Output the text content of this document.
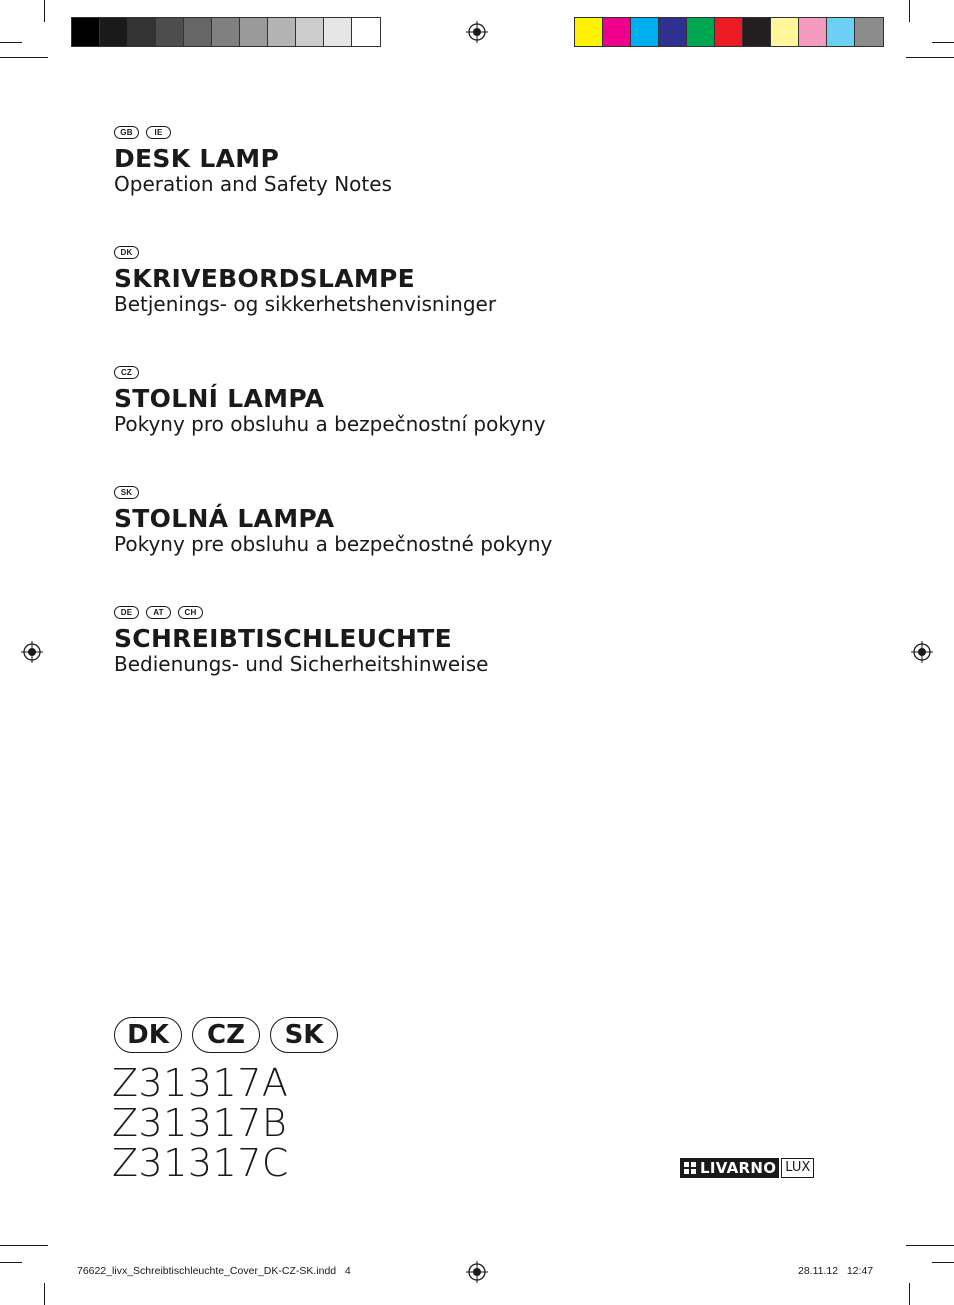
GB	IE
DESK LAMP
Operation and Safety Notes
DK
SKRIVEBORDSLAMPE
Betjenings- og sikkerhetshenvisninger
CZ
STOLNÍ LAMPA
Pokyny pro obsluhu a bezpečnostní pokyny
SK
STOLNÁ LAMPA
Pokyny pre obsluhu a bezpečnostné pokyny
DE	AT	CH
SCHREIBTISCHLEUCHTE
Bedienungs- und Sicherheitshinweise
DK	CZ	SK
Z31317A
Z31317B
Z31317C	LIVARNO LUX
76622_livx_Schreibtischleuchte_Cover_DK-CZ-SK.indd   4	28.11.12   12:47
